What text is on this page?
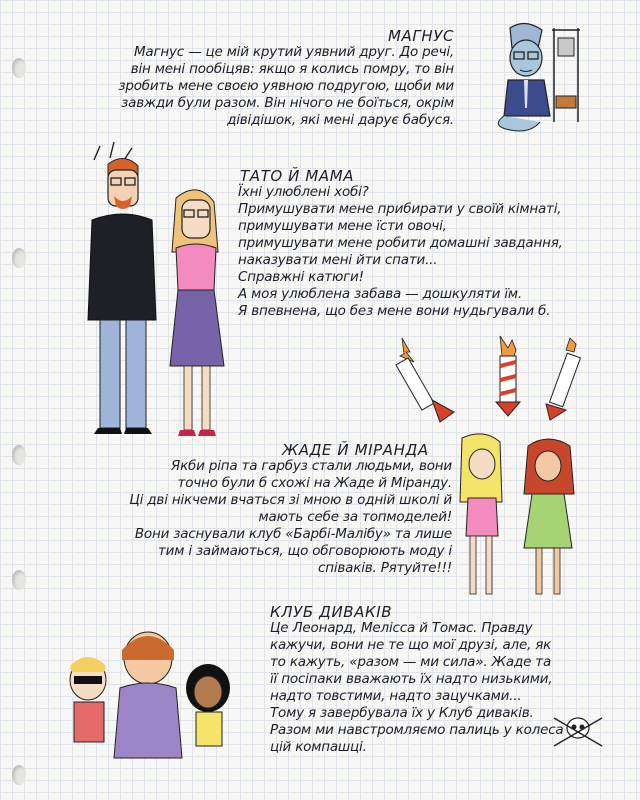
МАГНУС
Магнус — це мій крутий уявний друг. До речі,
він мені пообіцяв: якщо я колись помру, то він
зробить мене своєю уявною подругою, щоби ми
завжди були разом. Він нічого не боїться, окрім
дівідішок, які мені дарує бабуся.
ТАТО Й МАМА
Їхні улюблені хобі?
Примушувати мене прибирати у своїй кімнаті,
примушувати мене їсти овочі,
примушувати мене робити домашні завдання,
наказувати мені йти спати...
Справжні катюги!
А моя улюблена забава — дошкуляти їм.
Я впевнена, що без мене вони нудьгували б.
ЖАДЕ Й МІРАНДА
Якби ріпа та гарбуз стали людьми, вони
точно були б схожі на Жаде й Міранду.
Ці дві нікчеми вчаться зі мною в одній школі й
мають себе за топмоделей!
Вони заснували клуб «Барбі-Малібу» та лише
тим і займаються, що обговорюють моду і
співаків. Рятуйте!!!
КЛУБ ДИВАКІВ
Це Леонард, Мелісса й Томас. Правду
кажучи, вони не те що мої друзі, але, як
то кажуть, «разом — ми сила». Жаде та
її посіпаки вважають їх надто низькими,
надто товстими, надто зацучками...
Тому я завербувала їх у Клуб диваків.
Разом ми навстромляємо палиць у колеса
цій компашці.
